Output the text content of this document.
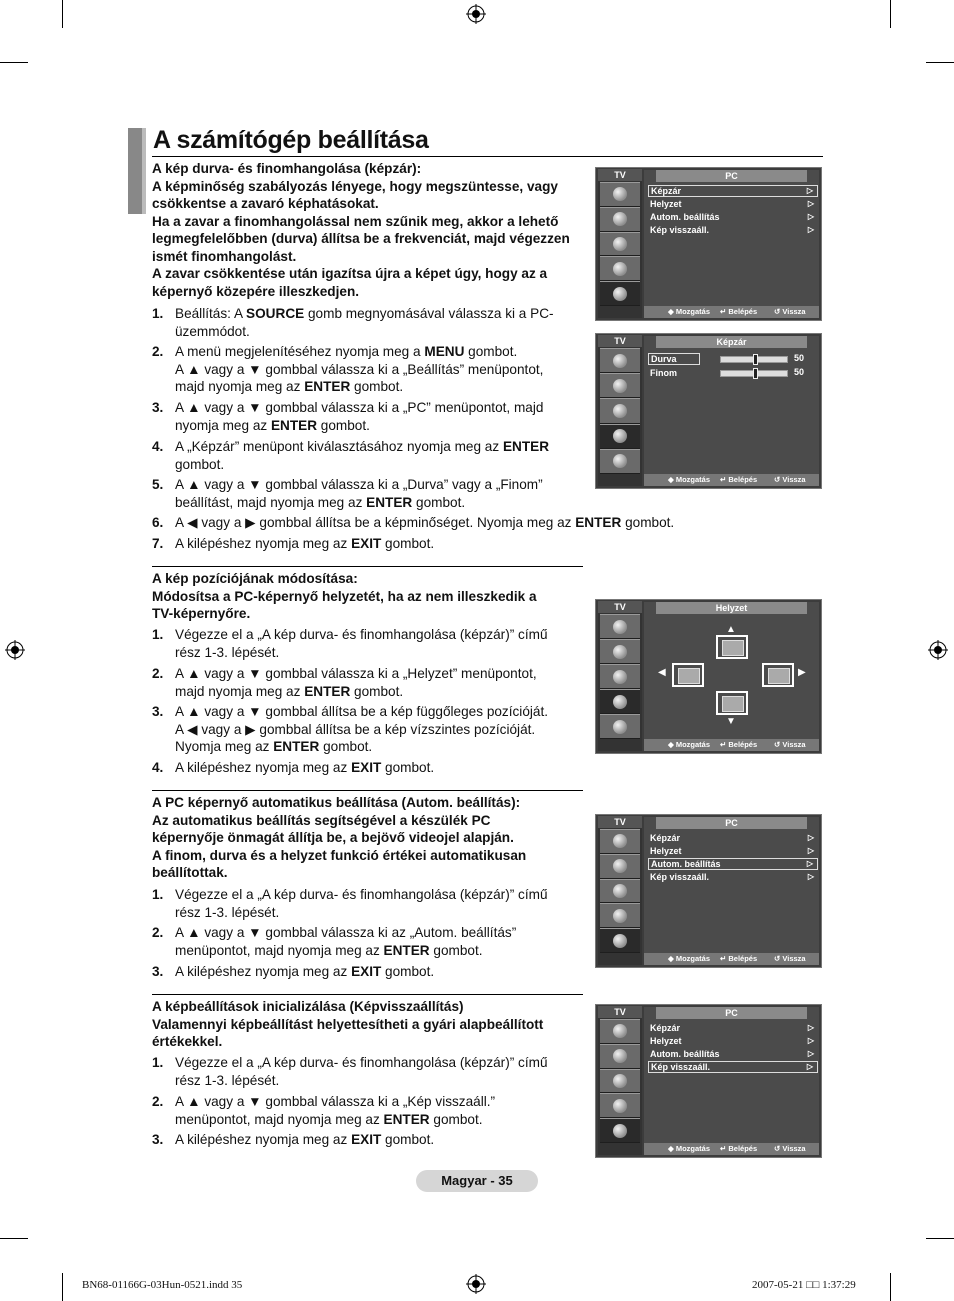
A számítógép beállítása
A kép durva- és finomhangolása (képzár):
A képminőség szabályozás lényege, hogy megszüntesse, vagy
csökkentse a zavaró képhatásokat.
Ha a zavar a finomhangolással nem szűnik meg, akkor a lehető
legmegfelelőbben (durva) állítsa be a frekvenciát, majd végezzen
ismét finomhangolást.
A zavar csökkentése után igazítsa újra a képet úgy, hogy az a
képernyő közepére illeszkedjen.
1. Beállítás: A SOURCE gomb megnyomásával válassza ki a PC-
üzemmódot.
2. A menü megjelenítéséhez nyomja meg a MENU gombot.
A ▲ vagy a ▼ gombbal válassza ki a „Beállítás” menüpontot,
majd nyomja meg az ENTER gombot.
3. A ▲ vagy a ▼ gombbal válassza ki a „PC” menüpontot, majd
nyomja meg az ENTER gombot.
4. A „Képzár” menüpont kiválasztásához nyomja meg az ENTER
gombot.
5. A ▲ vagy a ▼ gombbal válassza ki a „Durva” vagy a „Finom”
beállítást, majd nyomja meg az ENTER gombot.
6. A ◀ vagy a ▶ gombbal állítsa be a képminőséget. Nyomja meg az ENTER gombot.
7. A kilépéshez nyomja meg az EXIT gombot.
A kép pozíciójának módosítása:
Módosítsa a PC-képernyő helyzetét, ha az nem illeszkedik a
TV-képernyőre.
1. Végezze el a „A kép durva- és finomhangolása (képzár)” című
rész 1-3. lépését.
2. A ▲ vagy a ▼ gombbal válassza ki a „Helyzet” menüpontot,
majd nyomja meg az ENTER gombot.
3. A ▲ vagy a ▼ gombbal állítsa be a kép függőleges pozícióját.
A ◀ vagy a ▶ gombbal állítsa be a kép vízszintes pozícióját.
Nyomja meg az ENTER gombot.
4. A kilépéshez nyomja meg az EXIT gombot.
A PC képernyő automatikus beállítása (Autom. beállítás):
Az automatikus beállítás segítségével a készülék PC
képernyője önmagát állítja be, a bejövő videojel alapján.
A finom, durva és a helyzet funkció értékei automatikusan
beállítottak.
1. Végezze el a „A kép durva- és finomhangolása (képzár)” című
rész 1-3. lépését.
2. A ▲ vagy a ▼ gombbal válassza ki az „Autom. beállítás”
menüpontot, majd nyomja meg az ENTER gombot.
3. A kilépéshez nyomja meg az EXIT gombot.
A képbeállítások inicializálása (Képvisszaállítás)
Valamennyi képbeállítást helyettesítheti a gyári alapbeállított
értékekkel.
1. Végezze el a „A kép durva- és finomhangolása (képzár)” című
rész 1-3. lépését.
2. A ▲ vagy a ▼ gombbal válassza ki a „Kép visszaáll.”
menüpontot, majd nyomja meg az ENTER gombot.
3. A kilépéshez nyomja meg az EXIT gombot.
TV	PC
◆ Mozgatás ↵ Belépés ↺ Vissza
Képzár	▷
Helyzet	▷
Autom. beállítás	▷
Kép visszaáll.	▷
TV	PC
◆ Mozgatás ↵ Belépés ↺ Vissza
Képzár	▷
Helyzet	▷
Autom. beállítás	▷
Kép visszaáll.	▷
TV	PC
◆ Mozgatás ↵ Belépés ↺ Vissza
Képzár	▷
Helyzet	▷
Autom. beállítás	▷
Kép visszaáll.	▷
TV	Képzár
◆ Mozgatás ↵ Belépés ↺ Vissza
Durva	50
Finom	50
TV	Helyzet
◆ Mozgatás ↵ Belépés ↺ Vissza
▲
◀
▼
▶
Magyar - 35
BN68-01166G-03Hun-0521.indd 35	2007-05-21 □□ 1:37:29
